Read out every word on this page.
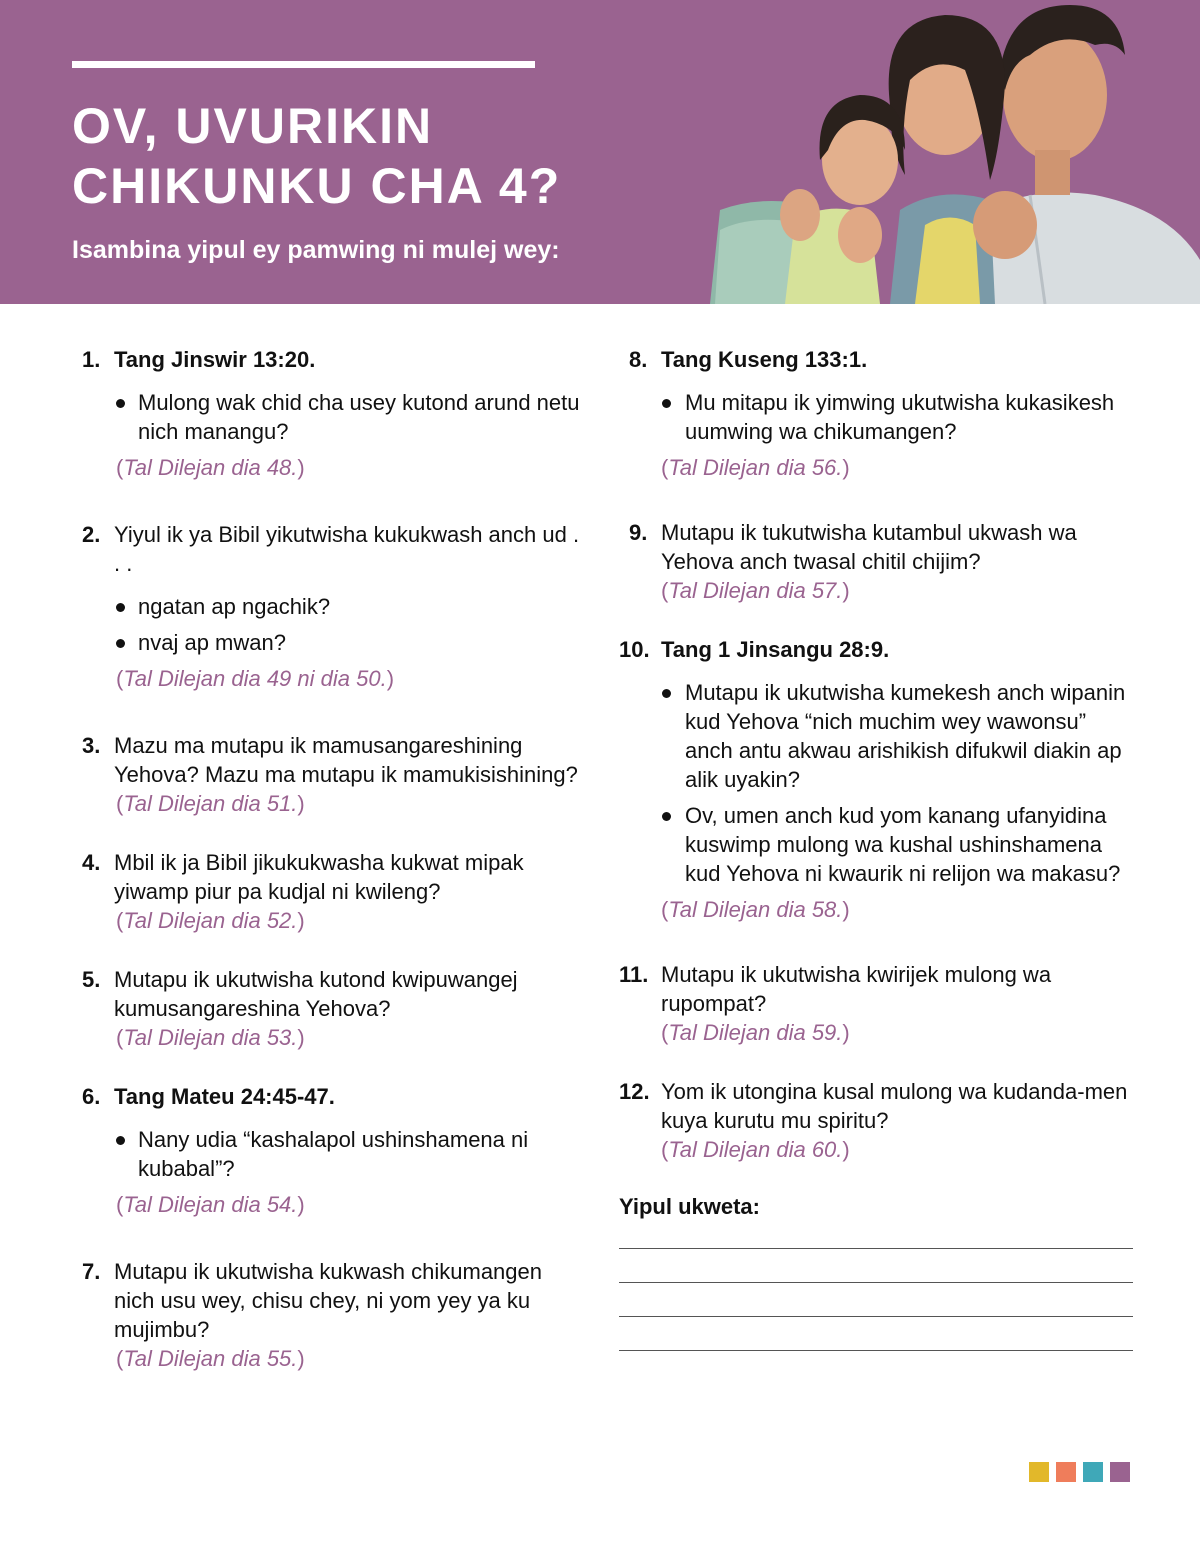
OV, UVURIKIN
CHIKUNKU CHA 4?

Isambina yipul ey pamwing ni mulej wey:

1. Tang Jinswir 13:20.
Mulong wak chid cha usey kutond arund netu nich manangu?
(Tal Dilejan dia 48.)
2. Yiyul ik ya Bibil yikutwisha kukukwash anch ud . . .
ngatan ap ngachik?
nvaj ap mwan?
(Tal Dilejan dia 49 ni dia 50.)
3. Mazu ma mutapu ik mamusangareshining Yehova? Mazu ma mutapu ik mamukisishining?
(Tal Dilejan dia 51.)
4. Mbil ik ja Bibil jikukukwasha kukwat mipak yiwamp piur pa kudjal ni kwileng?
(Tal Dilejan dia 52.)
5. Mutapu ik ukutwisha kutond kwipuwangej kumusangareshina Yehova?
(Tal Dilejan dia 53.)
6. Tang Mateu 24:45-47.
Nany udia “kashalapol ushinshamena ni kubabal”?
(Tal Dilejan dia 54.)
7. Mutapu ik ukutwisha kukwash chikumangen nich usu wey, chisu chey, ni yom yey ya ku mujimbu?
(Tal Dilejan dia 55.)
8. Tang Kuseng 133:1.
Mu mitapu ik yimwing ukutwisha kukasikesh uumwing wa chikumangen?
(Tal Dilejan dia 56.)
9. Mutapu ik tukutwisha kutambul ukwash wa Yehova anch twasal chitil chijim?
(Tal Dilejan dia 57.)
10. Tang 1 Jinsangu 28:9.
Mutapu ik ukutwisha kumekesh anch wipanin kud Yehova “nich muchim wey wawonsu” anch antu akwau arishikish difukwil diakin ap alik uyakin?
Ov, umen anch kud yom kanang ufanyidina kuswimp mulong wa kushal ushinshamena kud Yehova ni kwaurik ni relijon wa makasu?
(Tal Dilejan dia 58.)
11. Mutapu ik ukutwisha kwirijek mulong wa rupompat?
(Tal Dilejan dia 59.)
12. Yom ik utongina kusal mulong wa kudanda-men kuya kurutu mu spiritu?
(Tal Dilejan dia 60.)

Yipul ukweta:
